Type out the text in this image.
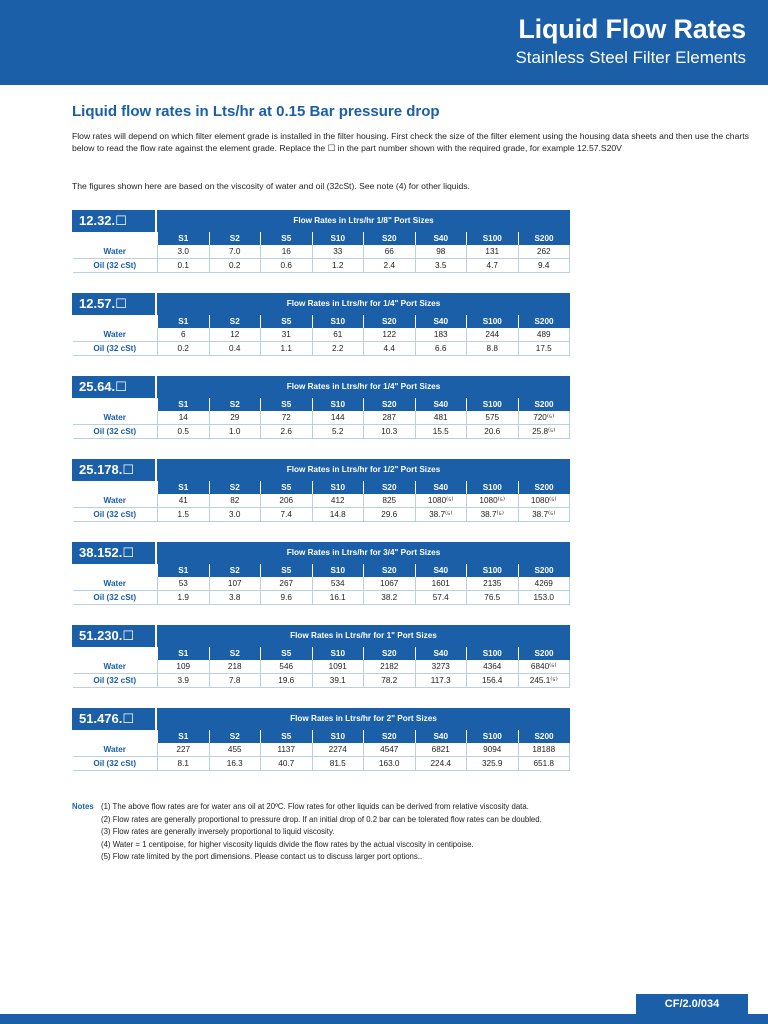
Liquid Flow Rates
Stainless Steel Filter Elements
Liquid flow rates in Lts/hr at 0.15 Bar pressure drop

Flow rates will depend on which filter element grade is installed in the filter housing. First check the size of the filter element using the housing data sheets and then use the charts below to read the flow rate against the element grade. Replace the ☐ in the part number shown with the required grade, for example 12.57.S20V

The figures shown here are based on the viscosity of water and oil (32cSt). See note (4) for other liquids.

12.32.☐	Flow Rates in Ltrs/hr 1/8" Port Sizes
	S1	S2	S5	S10	S20	S40	S100	S200
Water	3.0	7.0	16	33	66	98	131	262
Oil (32 cSt)	0.1	0.2	0.6	1.2	2.4	3.5	4.7	9.4
12.57.☐	Flow Rates in Ltrs/hr for 1/4" Port Sizes
	S1	S2	S5	S10	S20	S40	S100	S200
Water	6	12	31	61	122	183	244	489
Oil (32 cSt)	0.2	0.4	1.1	2.2	4.4	6.6	8.8	17.5
25.64.☐	Flow Rates in Ltrs/hr for 1/4" Port Sizes
	S1	S2	S5	S10	S20	S40	S100	S200
Water	14	29	72	144	287	481	575	720⁽⁵⁾
Oil (32 cSt)	0.5	1.0	2.6	5.2	10.3	15.5	20.6	25.8⁽⁵⁾
25.178.☐	Flow Rates in Ltrs/hr for 1/2" Port Sizes
	S1	S2	S5	S10	S20	S40	S100	S200
Water	41	82	206	412	825	1080⁽⁵⁾	1080⁽⁵⁾	1080⁽⁵⁾
Oil (32 cSt)	1.5	3.0	7.4	14.8	29.6	38.7⁽⁵⁾	38.7⁽⁵⁾	38.7⁽⁵⁾
38.152.☐	Flow Rates in Ltrs/hr for 3/4" Port Sizes
	S1	S2	S5	S10	S20	S40	S100	S200
Water	53	107	267	534	1067	1601	2135	4269
Oil (32 cSt)	1.9	3.8	9.6	16.1	38.2	57.4	76.5	153.0
51.230.☐	Flow Rates in Ltrs/hr for 1" Port Sizes
	S1	S2	S5	S10	S20	S40	S100	S200
Water	109	218	546	1091	2182	3273	4364	6840⁽⁵⁾
Oil (32 cSt)	3.9	7.8	19.6	39.1	78.2	117.3	156.4	245.1⁽⁵⁾
51.476.☐	Flow Rates in Ltrs/hr for 2" Port Sizes
	S1	S2	S5	S10	S20	S40	S100	S200
Water	227	455	1137	2274	4547	6821	9094	18188
Oil (32 cSt)	8.1	16.3	40.7	81.5	163.0	224.4	325.9	651.8
Notes (1) The above flow rates are for water ans oil at 20ºC. Flow rates for other liquids can be derived from relative viscosity data.
(2) Flow rates are generally proportional to pressure drop. If an initial drop of 0.2 bar can be tolerated flow rates can be doubled.
(3) Flow rates are generally inversely proportional to liquid viscosity.
(4) Water = 1 centipoise, for higher viscosity liquids divide the flow rates by the actual viscosity in centipoise.
(5) Flow rate limited by the port dimensions. Please contact us to discuss larger port options..
CF/2.0/034
